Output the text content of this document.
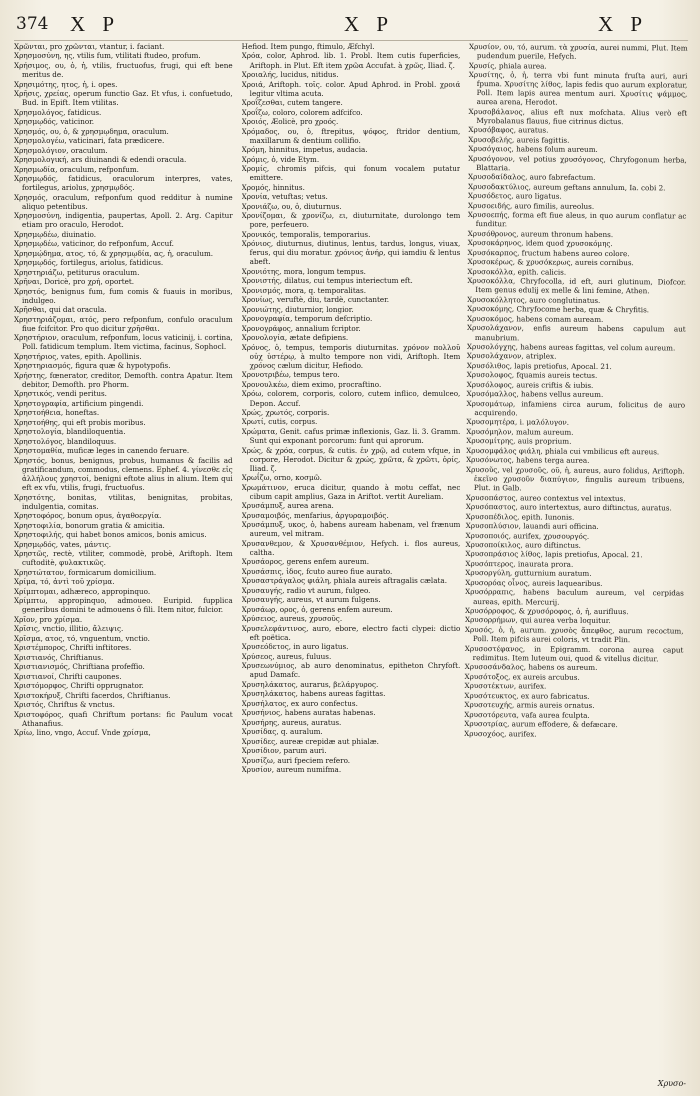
374 X P	X P	X P

Χρῶνται, pro χρῶνται, vtantur, i. faciant.

Χρησμοσύνη, ης, vtilis fum, vtilitati ftudeo, profum.

Χρήσιμος, ου, ὁ, ἡ, vtilis, fructuofus, frugi, qui eft bene meritus de.

Χρησιμότης, ητος, ἡ, i. opes.

Χρῆσις, χρείας, operum functio Gaz. Et vfus, i. confuetudo, Bud. in Epift. Item vtilitas.

Χρησμολόγος, fatidicus.

Χρησμῳδός, vaticinor.

Χρησμός, ου, ὁ, & χρησμῳδημα, oraculum.

Χρησμολογέω, vaticinari, fata prædicere.

Χρησμολόγιον, oraculum.

Χρησμολογική, ars diuinandi & edendi oracula.

Χρησμωδία, oraculum, refponfum.

Χρησμῳδός, fatidicus, oraculorum interpres, vates, fortilegus, ariolus, χρησμῳδός.

Χρησμός, oraculum, refponfum quod redditur à numine aliquo petentibus.

Χρησμοσύνη, indigentia, paupertas, Apoll. 2. Arg. Capitur etiam pro oraculo, Herodot.

Χρησμῳδέω, diuinatio.

Χρησμῳδέω, vaticinor, do refponfum, Accuf.

Χρησμῴδημα, ατος, τό, & χρησμῳδία, ας, ἡ, oraculum.

Χρησμῳδός, fortilegus, ariolus, fatidicus.

Χρηστηριάζω, petiturus oraculum.

Χρῆναι, Doricè, pro χρή, oportet.

Χρηστός, benignus fum, fum comis & fuauis in moribus, indulgeo.

Χρῆσθαι, qui dat oracula.

Χρηστηριάζομαι, ατός, pero refponfum, confulo oraculum fiue fcifcitor. Pro quo dicitur χρῆσθαι.

Χρηστήριον, oraculum, refponfum, locus vaticinij, i. cortina, Poll. fatidicum templum. Item victima, facinus, Sophocl.

Χρηστήριος, vates, epith. Apollinis.

Χρηστηριασμός, figura quæ & hypotypofis.

Χρήστης, fœnerator, creditor, Demofth. contra Apatur. Item debitor, Demofth. pro Phorm.

Χρηστικός, vendi peritus.

Χρηστογραφία, artificium pingendi.

Χρηστοήθεια, honeftas.

Χρηστοήθης, qui eft probis moribus.

Χρηστολογία, blandiloquentia.

Χρηστολόγος, blandiloquus.

Χρηστομαθία, muficæ leges in canendo feruare.

Χρηστός, bonus, benignus, probus, humanus & facilis ad gratificandum, commodus, clemens. Ephef. 4. γίνεσθε εἰς ἀλλήλους χρηστοί, benigni eftote alius in alium. Item qui eft ex vfu, vtilis, frugi, fructuofus.

Χρηστότης, bonitas, vtilitas, benignitas, probitas, indulgentia, comitas.

Χρηστοφόρος, bonum opus, ἀγαθοεργία.

Χρηστοφιλία, bonorum gratia & amicitia.

Χρηστοφιλής, qui habet bonos amicos, bonis amicus.

Χρησμῳδός, vates, μάντις.

Χρηστῶς, rectè, vtiliter, commodè, probè, Ariftoph. Item cuftoditè, φυλακτικῶς.

Χρηστώτατον, formicarum domicilium.

Χρίμα, τό, ἀντὶ τοῦ χρίσμα.

Χρίμπτομαι, adhæreco, appropinquo.

Χρίμπτω, appropinquo, admoueo. Euripid. fupplica generibus domini te admouens ὁ fili. Item nitor, fulcior.

Χρῖον, pro χρίσμα.

Χρῖσις, vnctio, illitio, ἄλειψις.

Χρῖσμα, ατος, τό, vnguentum, vnctio.

Χριστέμπορος, Chrifti inftitores.

Χριστιανός, Chriftianus.

Χριστιανισμός, Chriftiana profeffio.

Χριστιανοί, Chrifti caupones.

Χριστόμορφος, Chrifti opprugnator.

Χριστοκήρυξ, Chrifti facerdos, Chriftianus.

Χριστός, Chriftus & vnctus.

Χριστοφόρος, quafi Chriftum portans: fic Paulum vocat Athanafius.

Χρίω, lino, vngo, Accuf. Vnde χρίσμα,

Hefiod. Item pungo, ftimulo, Æfchyl.

Χρόα, color, Aphrod. lib. 1. Probl. Item cutis fuperficies, Ariftoph. in Plut. Eft item χρῶα Accufat. à χρῶς, Iliad. ζ.

Χροιαλής, lucidus, nitidus.

Χροιά, Ariftoph. τοῖς. color. Apud Aphrod. in Probl. χροιά legitur vltima acuta.

Χροΐζεσθαι, cutem tangere.

Χροΐζω, coloro, colorem adfcifco.

Χροιός, Æolicè, pro χροός.

Χρόμαδος, ου, ὁ, ftrepitus, ψόφος, ftridor dentium, maxillarum & dentium collifio.

Χρόμη, hinnitus, impetus, audacia.

Χρόμις, ὁ, vide Etym.

Χρομίς, chromis pifcis, qui fonum vocalem putatur emittere.

Χρομός, hinnitus.

Χρονία, vetuftas; vetus.

Χρονιάζω, ου, ὁ, diuturnus.

Χρονίζομαι, & χρονίζω, ει, diuturnitate, durolongo tem pore, perfeuero.

Χρονικός, temporalis, temporarius.

Χρόνιος, diuturnus, diutinus, lentus, tardus, longus, viuax, ferus, qui diu moratur. χρόνιος ἀνήρ, qui iamdiu & lentus abeft.

Χρονιότης, mora, longum tempus.

Χρονιστής, dilatus, cui tempus interiectum eft.

Χρονισμός, mora, q. temporalitas.

Χρονίως, veruftè, diu, tardè, cunctanter.

Χρονιώτης, diuturnior, longior.

Χρονογραφία, temporum defcriptio.

Χρονογράφος, annalium fcriptor.

Χρονολογία, ætate defipiens.

Χρόνος, ὁ, tempus, temporis diuturnitas. χρόνον πολλοῦ οὐχ ὑστέρῳ, à multo tempore non vidi, Ariftoph. Item χρόνος cælum dicitur, Hefiodo.

Χρονοτριβέω, tempus tero.

Χρονουλκέω, diem eximo, procraftino.

Χρόω, colorem, corporis, colorο, cutem inflico, demulceo, Depon. Accuf.

Χρώς, χρωτός, corporis.

Χρωτί, cutis, corpus.

Χρώματα, Genit. cafus primæ inflexionis, Gaz. li. 3. Gramm. Sunt qui exponant porcorum: funt qui aprorum.

Χρώς, & χρόα, corpus, & cutis. ἐν χρῷ, ad cutem vfque, in corpore, Herodot. Dicitur & χρώς, χρῶτα, & χρῶτι, ὀρίς, Iliad. ζ.

Χρωΐζω, orno, κοσμῶ.

Χρωμάτινον, eruca dicitur, quando à motu ceffat, nec cibum capit amplius, Gaza in Ariftot. vertit Aureliam.

Χρυσάμπυξ, aurea arena.

Χρυσαμοιβός, menfarius, ἀργυραμοιβός.

Χρυσάμπυξ, υκος, ὁ, habens auream habenam, vel frænum aureum, vel mitram.

Χρυσανθεμον, & Χρυσανθέμιον, Hefych. i. flos aureus, caltha.

Χρυσάορος, gerens enfem aureum.

Χρυσάσπις, ἰδος, fcuto aureo fiue aurato.

Χρυσαστράγαλος φιάλη, phiala aureis aftragalis cælata.

Χρυσαυγής, radio vt aurum, fulgeo.

Χρυσαυγής, aureus, vt aurum fulgens.

Χρυσάωρ, ορος, ὁ, gerens enfem aureum.

Χρύσειος, aureus, χρυσοῦς.

Χρυσελεφάντινος, auro, ebore, electro facti clypei: dictio eft poëtica.

Χρυσεόδετος, in auro ligatus.

Χρύσεος, aureus, fuluus.

Χρυσεωνύμιος, ab auro denominatus, epitheton Chryfoft. apud Damafc.

Χρυσηλάκατος, aurarus, βελάργυρος.

Χρυσηλάκατος, habens aureas fagittas.

Χρυσήλατος, ex auro confectus.

Χρυσήνιος, habens auratas habenas.

Χρυσήρης, aureus, auratus.

Χρυσίδας, q. auralum.

Χρυσίδες, aureæ crepidæ aut phialæ.

Χρυσίδιον, parum auri.

Χρυσίζω, auri fpeciem refero.

Χρυσίον, aureum numifma.

Χρυσίον, ου, τό, aurum. τὰ χρυσία, aurei nummi, Plut. Item pudendum puerile, Hefych.

Χρυσίς, phiala aurea.

Χρυσίτης, ὁ, ἡ, terra vbi funt minuta fruſta auri, auri fpuma. Χρυσίτης λίθος, lapis fedis quo aurum exploratur, Poll. Item lapis aurea mentum auri. Χρυσίτις ψάμμος, aurea arena, Herodot.

Χρυσοβάλανος, alius eft nux mofchata. Alius verò eft Myrobalanus flauus, fiue citrinus dictus.

Χρυσόβαφος, auratus.

Χρυσοβελής, aureis fagittis.

Χρυσόγαιος, habens folum aureum.

Χρυσόγονον, vel potius χρυσόγονος, Chryfogonum herba, Blattaria.

Χρυσοδαίδαλος, auro fabrefactum.

Χρυσοδακτύλιος, aureum geftans annulum, Ia. cobi 2.

Χρυσόδετος, auro ligatus.

Χρυσοειδής, auro fimilis, aureolus.

Χρυσοεπής, forma eft fiue aleus, in quo aurum conflatur ac funditur.

Χρυσόθρονος, aureum thronum habens.

Χρυσοκάρηνος, idem quod χρυσοκόμης.

Χρυσόκαρπος, fructum habens aureo colore.

Χρυσοκέρως, & χρυσόκερως, aureis cornibus.

Χρυσοκόλλα, epith. calicis.

Χρυσοκόλλα, Chryfocolla, id eft, auri glutinum, Diofcor. Item genus edulij ex melle & lini femine, Athen.

Χρυσοκόλλητος, auro conglutinatus.

Χρυσοκόμης, Chryfocome herba, quæ & Chryfitis.

Χρυσοκόμος, habens comam auream.

Χρυσολάχανον, enfis aureum habens capulum aut manubrium.

Χρυσολόγχης, habens aureas fagittas, vel colum aureum.

Χρυσολάχανον, atriplex.

Χρυσόλιθος, lapis pretiofus, Apocal. 21.

Χρυσολοφος, fquamis aureis tectus.

Χρυσόλοφος, aureis criftis & iubis.

Χρυσόμαλλος, habens vellus aureum.

Χρυσομάτωρ, infamiens circa aurum, folicitus de auro acquirendo.

Χρυσομητέρα, i. μαλόλυγον.

Χρυσόμηλον, malum aureum.

Χρυσομίτρης, auis proprium.

Χρυσομφάλος φιάλη, phiala cui vmbilicus eft aureus.

Χρυσόνωτος, habens terga aurea.

Χρυσοῦς, vel χρυσοῦς, οῦ, ἡ, aureus, auro folidus, Ariftoph. ἐκεῖνο χρυσοῦν διαπύγιον, fingulis aureum tribuens, Plut. in Galb.

Χρυσοπάστος, aureo contextus vel intextus.

Χρυσόπαστος, auro intertextus, auro diftinctus, auratus.

Χρυσοπέδιλος, epith. Iunonis.

Χρυσοπλύσιον, lauandi auri officina.

Χρυσοποιός, aurifex, χρυσουργός.

Χρυσοποίκιλος, auro diftinctus.

Χρυσοπράσιος λίθος, lapis pretiofus, Apocal. 21.

Χρυσόπτερος, inaurata prora.

Χρυσοργύλη, gutturnium auratum.

Χρυσορόας οἶνος, aureis laquearibus.

Χρυσόρραπις, habens baculum aureum, vel cerpidas aureas, epith. Mercurij.

Χρυσόρροφος, & χρυσόροφος, ὁ, ἡ, aurifluus.

Χρυσορρήμων, qui aurea verba loquitur.

Χρυσός, ὁ, ἡ, aurum. χρυσὸς ἄπεφθος, aurum recoctum, Poll. Item pifcis aurei coloris, vt tradit Plin.

Χρυσοστέφανος, in Epigramm. corona aurea caput redimitus. Item luteum oui, quod & vitellus dicitur.

Χρυσοσάνδαλος, habens os aureum.

Χρυσότοξος, ex aureis arcubus.

Χρυσοτέκτων, aurifex.

Χρυσότευκτος, ex auro fabricatus.

Χρυσοτευχής, armis aureis ornatus.

Χρυσοτόρευτα, vafa aurea fculpta.

Χρυσοτρίας, aurum effodere, & defæcare.

Χρυσοχόος, aurifex.

Χρυσο-
